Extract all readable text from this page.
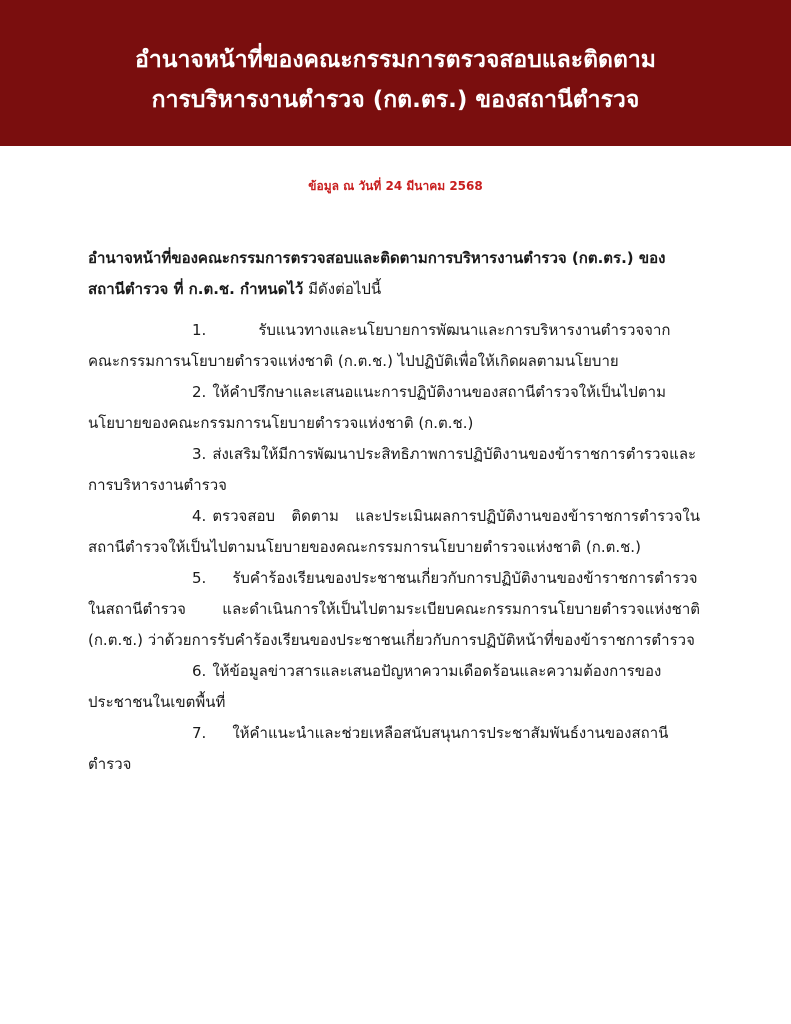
อำนาจหน้าที่ของคณะกรรมการตรวจสอบและติดตาม
การบริหารงานตำรวจ (กต.ตร.) ของสถานีตำรวจ
ข้อมูล ณ วันที่ 24 มีนาคม 2568

อำนาจหน้าที่ของคณะกรรมการตรวจสอบและติดตามการบริหารงานตำรวจ (กต.ตร.) ของสถานีตำรวจ ที่ ก.ต.ช. กำหนดไว้ มีดังต่อไปนี้

1.	รับแนวทางและนโยบายการพัฒนาและการบริหารงานตำรวจจากคณะกรรมการนโยบายตำรวจแห่งชาติ (ก.ต.ช.) ไปปฏิบัติเพื่อให้เกิดผลตามนโยบาย

2. ให้คำปรึกษาและเสนอแนะการปฏิบัติงานของสถานีตำรวจให้เป็นไปตามนโยบายของคณะกรรมการนโยบายตำรวจแห่งชาติ (ก.ต.ช.)

3. ส่งเสริมให้มีการพัฒนาประสิทธิภาพการปฏิบัติงานของข้าราชการตำรวจและการบริหารงานตำรวจ

4. ตรวจสอบ ติดตาม และประเมินผลการปฏิบัติงานของข้าราชการตำรวจในสถานีตำรวจให้เป็นไปตามนโยบายของคณะกรรมการนโยบายตำรวจแห่งชาติ (ก.ต.ช.)

5. รับคำร้องเรียนของประชาชนเกี่ยวกับการปฏิบัติงานของข้าราชการตำรวจในสถานีตำรวจ และดำเนินการให้เป็นไปตามระเบียบคณะกรรมการนโยบายตำรวจแห่งชาติ (ก.ต.ช.) ว่าด้วยการรับคำร้องเรียนของประชาชนเกี่ยวกับการปฏิบัติหน้าที่ของข้าราชการตำรวจ

6. ให้ข้อมูลข่าวสารและเสนอปัญหาความเดือดร้อนและความต้องการของประชาชนในเขตพื้นที่

7. ให้คำแนะนำและช่วยเหลือสนับสนุนการประชาสัมพันธ์งานของสถานีตำรวจ
